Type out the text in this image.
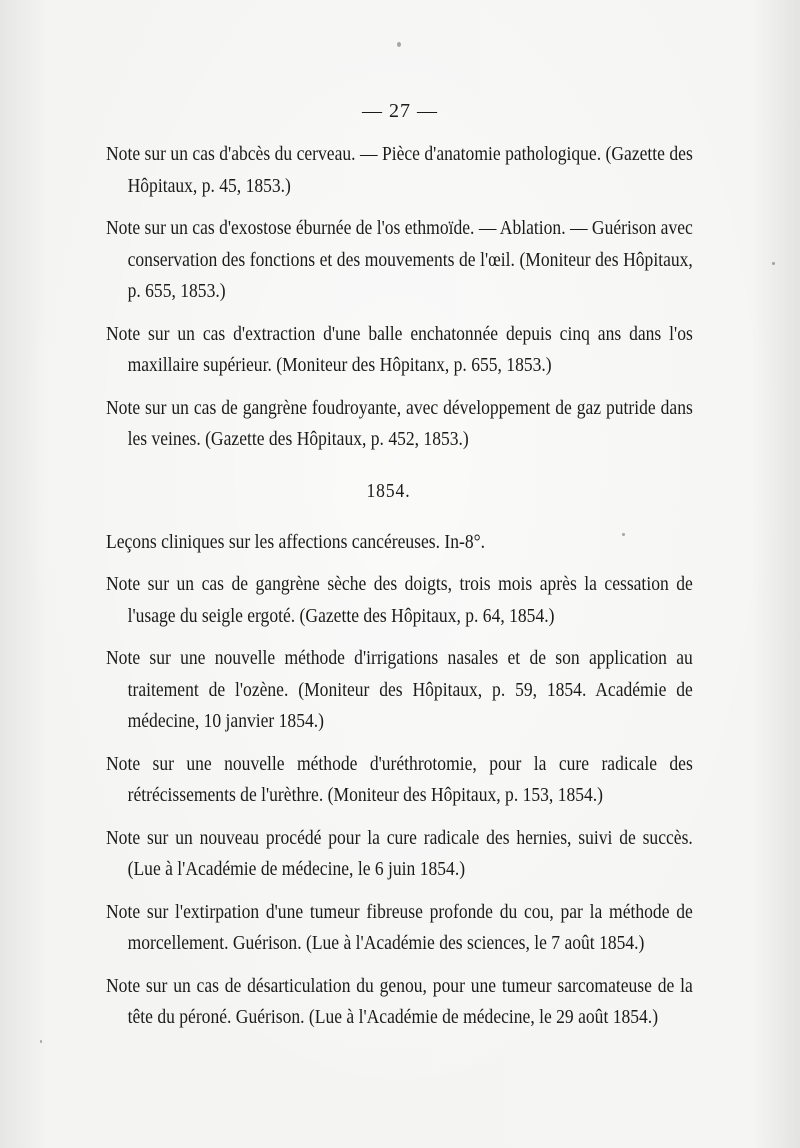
— 27 —

Note sur un cas d'abcès du cerveau. — Pièce d'anatomie pathologique. (Gazette des Hôpitaux, p. 45, 1853.)

Note sur un cas d'exostose éburnée de l'os ethmoïde. — Ablation. — Guérison avec conservation des fonctions et des mouvements de l'œil. (Moniteur des Hôpitaux, p. 655, 1853.)

Note sur un cas d'extraction d'une balle enchatonnée depuis cinq ans dans l'os maxillaire supérieur. (Moniteur des Hôpitanx, p. 655, 1853.)

Note sur un cas de gangrène foudroyante, avec développement de gaz putride dans les veines. (Gazette des Hôpitaux, p. 452, 1853.)

1854.

Leçons cliniques sur les affections cancéreuses. In-8°.

Note sur un cas de gangrène sèche des doigts, trois mois après la cessation de l'usage du seigle ergoté. (Gazette des Hôpitaux, p. 64, 1854.)

Note sur une nouvelle méthode d'irrigations nasales et de son application au traitement de l'ozène. (Moniteur des Hôpitaux, p. 59, 1854. Académie de médecine, 10 janvier 1854.)

Note sur une nouvelle méthode d'uréthrotomie, pour la cure radicale des rétrécissements de l'urèthre. (Moniteur des Hôpitaux, p. 153, 1854.)

Note sur un nouveau procédé pour la cure radicale des hernies, suivi de succès. (Lue à l'Académie de médecine, le 6 juin 1854.)

Note sur l'extirpation d'une tumeur fibreuse profonde du cou, par la méthode de morcellement. Guérison. (Lue à l'Académie des sciences, le 7 août 1854.)

Note sur un cas de désarticulation du genou, pour une tumeur sarcomateuse de la tête du péroné. Guérison. (Lue à l'Académie de médecine, le 29 août 1854.)
